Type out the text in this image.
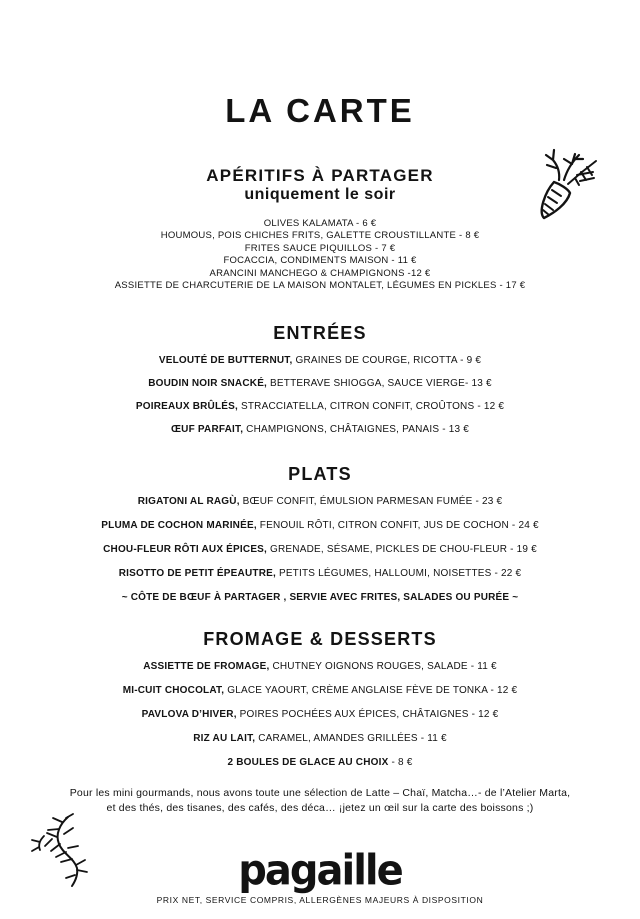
LA CARTE
APÉRITIFS À PARTAGER
uniquement le soir
OLIVES KALAMATA - 6 €
HOUMOUS, POIS CHICHES FRITS, GALETTE CROUSTILLANTE - 8 €
FRITES SAUCE PIQUILLOS - 7 €
FOCACCIA, CONDIMENTS MAISON - 11 €
ARANCINI MANCHEGO & CHAMPIGNONS -12 €
ASSIETTE DE CHARCUTERIE DE LA MAISON MONTALET, LÉGUMES EN PICKLES - 17 €
ENTRÉES
VELOUTÉ DE BUTTERNUT, GRAINES DE COURGE, RICOTTA - 9 €
BOUDIN NOIR SNACKÉ, BETTERAVE SHIOGGA, SAUCE VIERGE- 13 €
POIREAUX BRÛLÉS, STRACCIATELLA, CITRON CONFIT, CROÛTONS - 12 €
ŒUF PARFAIT, CHAMPIGNONS, CHÂTAIGNES, PANAIS - 13 €
PLATS
RIGATONI AL RAGÙ, BŒUF CONFIT, ÉMULSION PARMESAN FUMÉE - 23 €
PLUMA DE COCHON MARINÉE, FENOUIL RÔTI, CITRON CONFIT, JUS DE COCHON - 24 €
CHOU-FLEUR RÔTI AUX ÉPICES, GRENADE, SÉSAME, PICKLES DE CHOU-FLEUR - 19 €
RISOTTO DE PETIT ÉPEAUTRE, PETITS LÉGUMES, HALLOUMI, NOISETTES - 22 €
~ CÔTE DE BŒUF À PARTAGER , SERVIE AVEC FRITES, SALADES OU PURÉE ~
FROMAGE & DESSERTS
ASSIETTE DE FROMAGE, CHUTNEY OIGNONS ROUGES, SALADE - 11 €
MI-CUIT CHOCOLAT, GLACE YAOURT, CRÈME ANGLAISE FÈVE DE TONKA - 12 €
PAVLOVA D’HIVER, POIRES POCHÉES AUX ÉPICES, CHÂTAIGNES - 12 €
RIZ AU LAIT, CARAMEL, AMANDES GRILLÉES - 11 €
2 BOULES DE GLACE AU CHOIX - 8 €
Pour les mini gourmands, nous avons toute une sélection de Latte – Chaï, Matcha…- de l’Atelier Marta,
et des thés, des tisanes, des cafés, des déca… ¡jetez un œil sur la carte des boissons ;)
pagaille
PRIX NET, SERVICE COMPRIS, ALLERGÈNES MAJEURS À DISPOSITION
